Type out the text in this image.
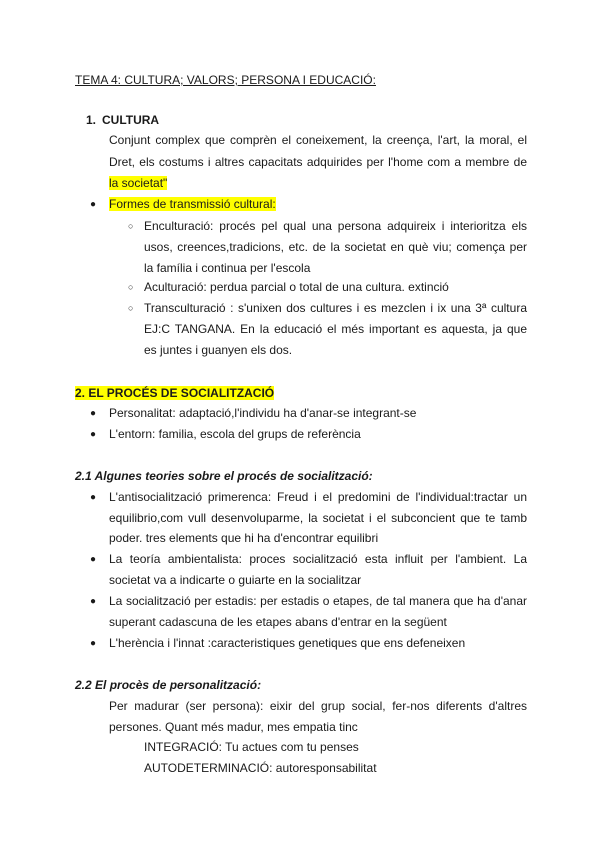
TEMA 4: CULTURA; VALORS; PERSONA I EDUCACIÓ:
1. CULTURA
Conjunt complex que comprèn el coneixement, la creença, l'art, la moral, el
Dret, els costums i altres capacitats adquirides per l'home com a membre de
la societat"
● Formes de transmissió cultural:
○ Enculturació: procés pel qual una persona adquireix i interioritza els
usos, creences,tradicions, etc. de la societat en què viu; comença per
la família i continua per l'escola
○ Aculturació: perdua parcial o total de una cultura. extinció
○ Transculturació : s'unixen dos cultures i es mezclen i ix una 3ª cultura
EJ:C TANGANA. En la educació el més important es aquesta, ja que
es juntes i guanyen els dos.
2. EL PROCÉS DE SOCIALITZACIÓ
● Personalitat: adaptació,l'individu ha d'anar-se integrant-se
● L'entorn: familia, escola del grups de referència
2.1 Algunes teories sobre el procés de socialització:
● L'antisocialització primerenca: Freud i el predomini de l'individual:tractar un
equilibrio,com vull desenvoluparme, la societat i el subconcient que te tamb
poder. tres elements que hi ha d'encontrar equilibri
● La teoría ambientalista: proces socialització esta influit per l'ambient. La
societat va a indicarte o guiarte en la socialitzar
● La socialització per estadis: per estadis o etapes, de tal manera que ha d'anar
superant cadascuna de les etapes abans d'entrar en la següent
● L'herència i l'innat :caracteristiques genetiques que ens defeneixen
2.2 El procès de personalització:
Per madurar (ser persona): eixir del grup social, fer-nos diferents d'altres
persones. Quant més madur, mes empatia tinc
INTEGRACIÓ: Tu actues com tu penses
AUTODETERMINACIÓ: autoresponsabilitat
